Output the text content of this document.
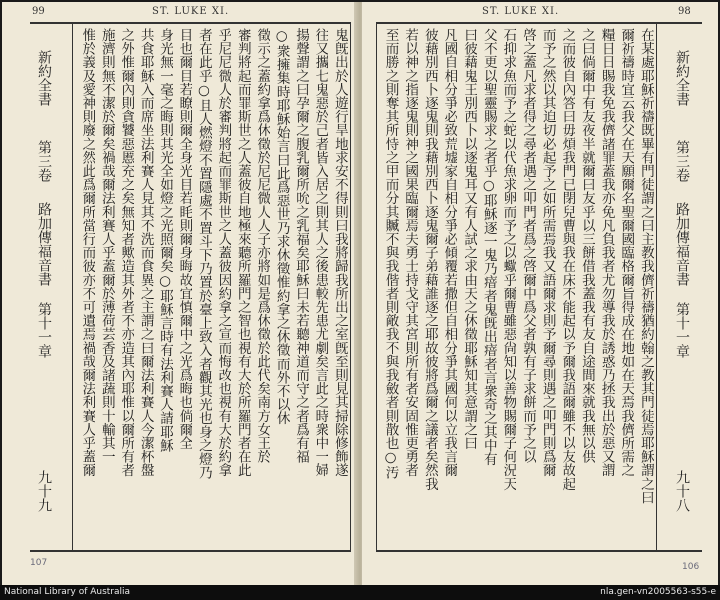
99	ST. LUKE XI.
新約全書
第三卷
路加傳福音書
第十一章
九十九
鬼旣出於人遊行旱地求安不得則曰我將歸我所出之室旣至則見其掃除修飾遂
往又攜七鬼惡於己者皆入居之則其人之後患較先患尤劇矣言此之時衆中一婦
揚聲謂之曰孕爾之腹乳爾所吮之乳福矣耶穌曰未若聽神道而守之者爲有福
○衆擁集時耶穌始言曰此爲惡世乃求休徵惟約拿之休徵而外不以休
徵示之蓋約拿爲休徵於尼尼微人人子亦將如是爲休徵於此代矣南方女王於
審判將起而罪斯世之人蓋彼自地極來聽所羅門之智也視有大於所羅門者在此
乎尼尼微人於審判將起而罪斯世之人蓋彼因約拿之宣而悔改也視有大於約拿
者在此乎○且人燃燈不置隱處不置斗下乃置於臺上致入者觀其光也身之燈乃
目也爾目若瞭則爾全身光目若眊則爾身晦故宜慎爾中之光爲晦也倘爾全
身光無一毫之晦則其光全如燈之光照爾矣○耶穌言時有法利賽人請耶穌
共食耶穌入而席坐法利賽人見其不洗而食異之主謂之曰爾法利賽人今潔杯盤
之外惟爾內則貪饕惡慝充之矣無知者歟造其外者不亦造其內耶惟以爾所有者
施濟則無不潔於爾矣禍哉爾法利賽人乎蓋爾於薄荷芸香及諸蔬則十輸其一
惟於義及愛神則廢之然此爲爾所當行而彼亦不可遺焉禍哉爾法利賽人乎蓋爾
107
ST. LUKE XI.	98
新約全書
第三卷
路加傳福音書
第十一章
九十八
在某處耶穌祈禱既畢有門徒謂之曰主教我儕祈禱猶約翰之教其門徒焉耶穌謂之曰
爾祈禱時宜云我父在天願爾名聖爾國臨格爾旨得成在地如在天焉我儕所需之
糧日日賜我免我儕諸罪蓋我亦免凡負我者尤勿導我於誘惑乃拯我出於惡又謂
之曰倘爾中有友夜半就爾曰友乎以三餅借我蓋我有友自途間來就我無以供
之而彼自內答曰毋煩我門已閉兒曹與我在床不能起以予爾我語爾雖不以友故起
而予之然以其迫切必起予之如所需焉我又語爾求則予爾尋則遇之叩門則爲爾
啓之蓋凡求者得之尋者遇之叩門者爲之啓爾中爲父者孰有子求餅而予之以
石抑求魚而予之蛇以代魚求卵而予之以蠍乎爾曹雖惡尙知以善物賜爾子何況天
父不更以聖靈賜求之者乎○耶穌逐一鬼乃瘖者鬼旣出瘖者言衆奇之其中有
曰彼藉鬼王別西卜以逐鬼耳又有人試之求由天之休徵耶穌知其意謂之曰
凡國自相分爭必致荒墟家自相分爭必傾覆若撒但自相分爭其國何以立我言爾
彼藉別西卜逐鬼則我藉別西卜逐鬼爾子弟藉誰逐之耶故彼將爲爾之議者矣然我
若以神之指逐鬼則神之國果臨爾焉夫勇士持戈守其宮則所有者安固惟更勇者
至而勝之則奪其所恃之甲而分其贓不與我偕者則敵我不與我斂者則散也○汚
106
National Library of Australia	nla.gen-vn2005563-s55-e
